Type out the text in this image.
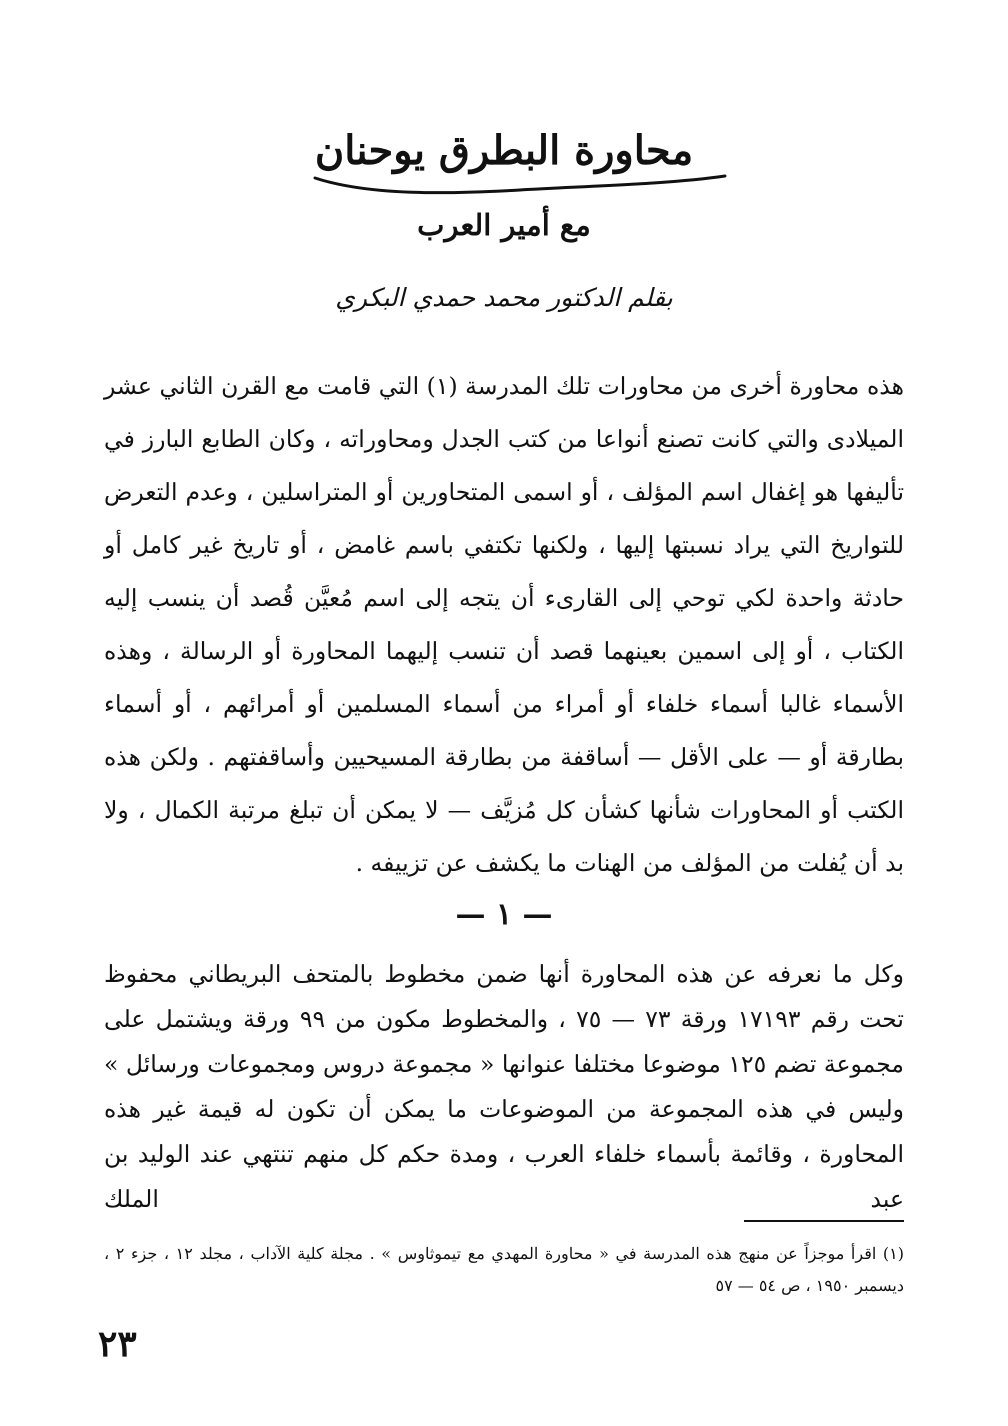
محاورة البطرق يوحنان
مع أمير العرب

بقلم الدكتور محمد حمدي البكري

هذه محاورة أخرى من محاورات تلك المدرسة (١) التي قامت مع القرن الثاني عشر الميلادى والتي كانت تصنع أنواعا من كتب الجدل ومحاوراته ، وكان الطابع البارز في تأليفها هو إغفال اسم المؤلف ، أو اسمى المتحاورين أو المتراسلين ، وعدم التعرض للتواريخ التي يراد نسبتها إليها ، ولكنها تكتفي باسم غامض ، أو تاريخ غير كامل أو حادثة واحدة لكي توحي إلى القارىء أن يتجه إلى اسم مُعيَّن قُصد أن ينسب إليه الكتاب ، أو إلى اسمين بعينهما قصد أن تنسب إليهما المحاورة أو الرسالة ، وهذه الأسماء غالبا أسماء خلفاء أو أمراء من أسماء المسلمين أو أمرائهم ، أو أسماء بطارقة أو — على الأقل — أساقفة من بطارقة المسيحيين وأساقفتهم . ولكن هذه الكتب أو المحاورات شأنها كشأن كل مُزيَّف — لا يمكن أن تبلغ مرتبة الكمال ، ولا بد أن يُفلت من المؤلف من الهنات ما يكشف عن تزييفه .

— ١ —

وكل ما نعرفه عن هذه المحاورة أنها ضمن مخطوط بالمتحف البريطاني محفوظ تحت رقم ١٧١٩٣ ورقة ٧٣ — ٧٥ ، والمخطوط مكون من ٩٩ ورقة ويشتمل على مجموعة تضم ١٢٥ موضوعا مختلفا عنوانها « مجموعة دروس ومجموعات ورسائل » وليس في هذه المجموعة من الموضوعات ما يمكن أن تكون له قيمة غير هذه المحاورة ، وقائمة بأسماء خلفاء العرب ، ومدة حكم كل منهم تنتهي عند الوليد بن عبد الملك

(١) اقرأ موجزاً عن منهج هذه المدرسة في « محاورة المهدي مع تيموثاوس » . مجلة كلية الآداب ، مجلد ١٢ ، جزء ٢ ، ديسمبر ١٩٥٠ ، ص ٥٤ — ٥٧

٢٣
